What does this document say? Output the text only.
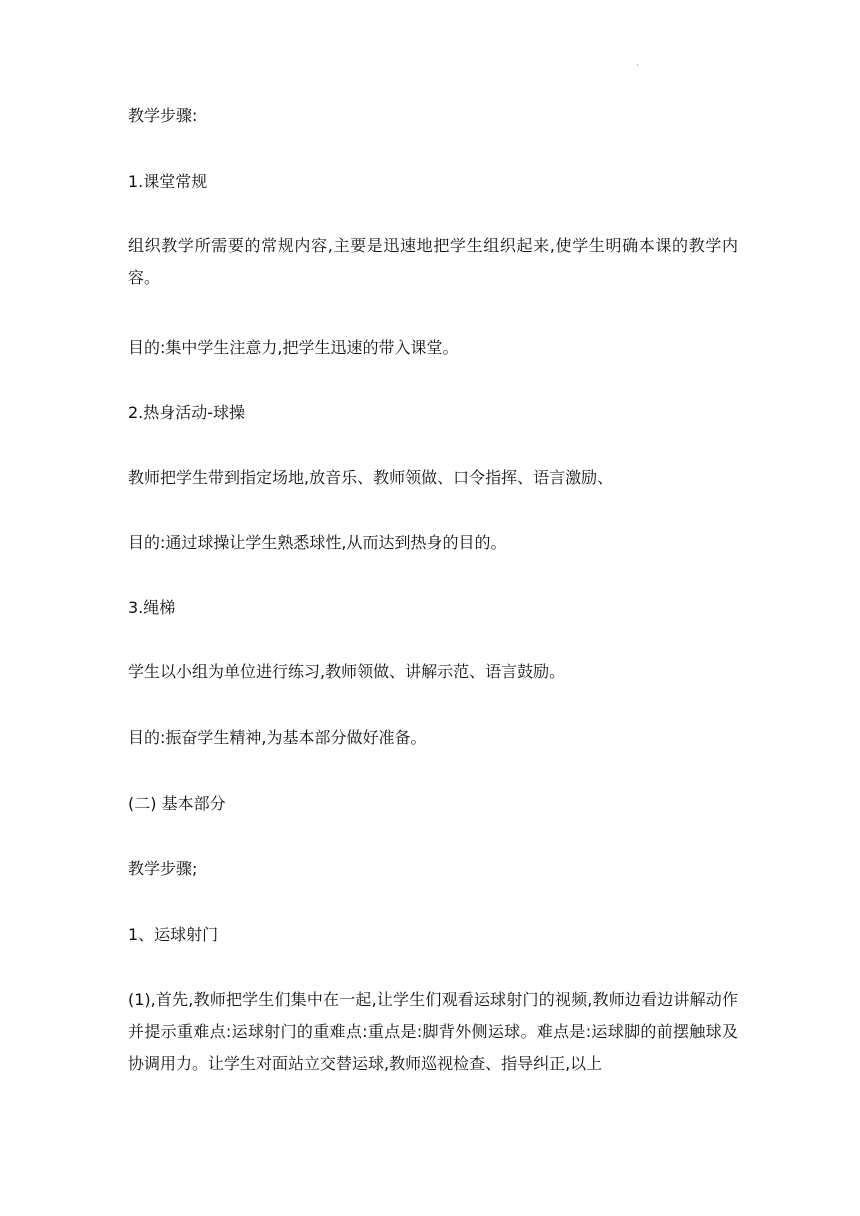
·
教学步骤:
1.课堂常规
组织教学所需要的常规内容,主要是迅速地把学生组织起来,使学生明确本课的教学内容。
目的:集中学生注意力,把学生迅速的带入课堂。
2.热身活动-球操
教师把学生带到指定场地,放音乐、教师领做、口令指挥、语言激励、
目的:通过球操让学生熟悉球性,从而达到热身的目的。
3.绳梯
学生以小组为单位进行练习,教师领做、讲解示范、语言鼓励。
目的:振奋学生精神,为基本部分做好准备。
(二) 基本部分
教学步骤;
1、运球射门
(1),首先,教师把学生们集中在一起,让学生们观看运球射门的视频,教师边看边讲解动作并提示重难点:运球射门的重难点:重点是:脚背外侧运球。难点是:运球脚的前摆触球及协调用力。让学生对面站立交替运球,教师巡视检查、指导纠正,以上
